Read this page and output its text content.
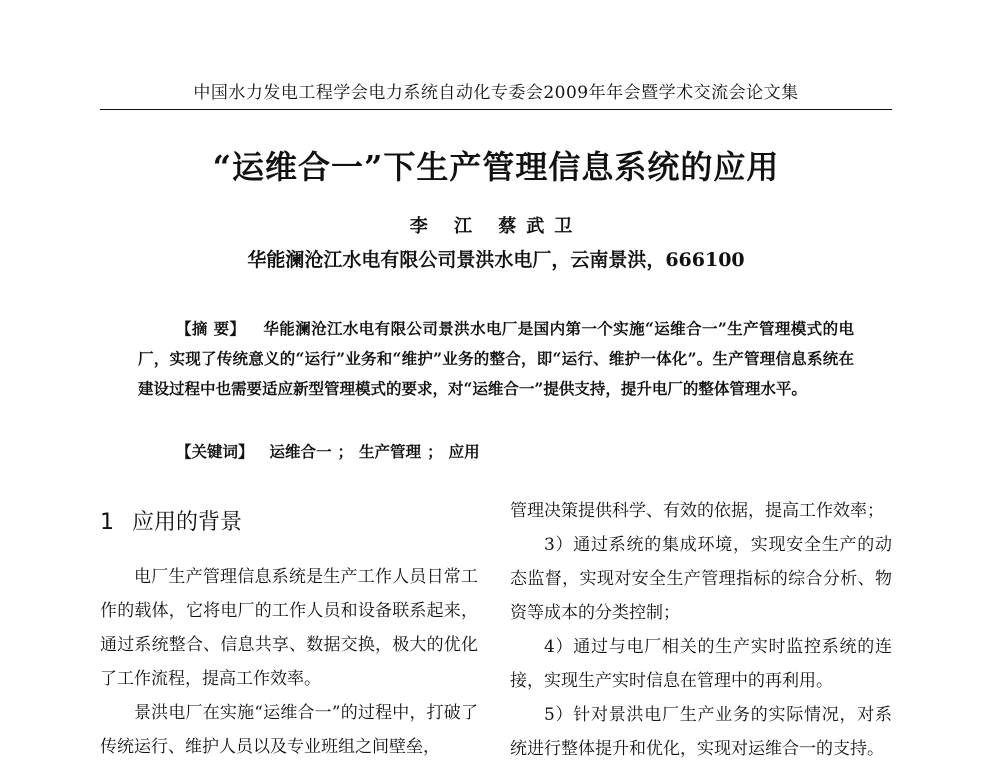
中国水力发电工程学会电力系统自动化专委会2009年年会暨学术交流会论文集
“运维合一”下生产管理信息系统的应用
李 江 蔡武卫
华能澜沧江水电有限公司景洪水电厂，云南景洪，666100
【摘 要】 华能澜沧江水电有限公司景洪水电厂是国内第一个实施“运维合一”生产管理模式的电厂，实现了传统意义的“运行”业务和“维护”业务的整合，即“运行、维护一体化”。生产管理信息系统在建设过程中也需要适应新型管理模式的要求，对“运维合一”提供支持，提升电厂的整体管理水平。
【关键词】 运维合一 ； 生产管理 ； 应用
1 应用的背景

电厂生产管理信息系统是生产工作人员日常工作的载体，它将电厂的工作人员和设备联系起来，通过系统整合、信息共享、数据交换，极大的优化了工作流程，提高工作效率。

景洪电厂在实施“运维合一”的过程中，打破了传统运行、维护人员以及专业班组之间壁垒，

管理决策提供科学、有效的依据，提高工作效率；

3）通过系统的集成环境，实现安全生产的动态监督，实现对安全生产管理指标的综合分析、物资等成本的分类控制；

4）通过与电厂相关的生产实时监控系统的连接，实现生产实时信息在管理中的再利用。

5）针对景洪电厂生产业务的实际情况，对系统进行整体提升和优化，实现对运维合一的支持。
